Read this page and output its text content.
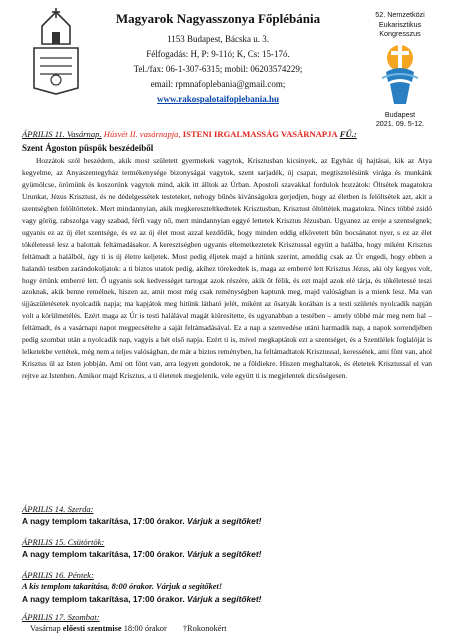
Magyarok Nagyasszonya Főplébánia
1153 Budapest, Bácska u. 3.
Félfogadás: H, P: 9-11ó; K, Cs: 15-17ó.
Tel./fax: 06-1-307-6315; mobil: 06203574229;
email: rpmnafoplebania@gmail.com;
www.rakospalotaifoplebania.hu
52. Nemzetközi
Eukarisztikus
Kongresszus
Budapest
2021. 09. 5-12.
ÁPRILIS 11. Vasárnap. Húsvét II. vasárnapja, ISTENI IRGALMASSÁG VASÁRNAPJA FŰ.:
Szent Ágoston püspök beszédeiből
Hozzátok szól beszédem, akik most született gyermekek vagytok, Krisztusban kicsinyek, az Egyház új hajtásai, kik az Atya kegyelme, az Anyaszentegyház termékenysége bizonyságai vagytok, szent sarjadék, új csapat, megtisztelésünk virága és munkánk gyümölcse, örömünk és koszorúnk vagytok mind, akik itt álltok az Úrban. Apostoli szavakkal fordulok hozzátok: Öltsétek magatokra Urunkat, Jézus Krisztust, és ne dédelgessétek testeteket, nehogy bűnös kívánságokra gerjedjen, hogy az életben is felöltsétek azt, akit a szentségben felöltöttetek. Mert mindannyian, akik megkereszteltkedtetek Krisztusban, Krisztust öltöttétek magatokra. Nincs többé zsidó vagy görög, rabszolga vagy szabad, férfi vagy nő, mert mindannyian eggyé lettetek Krisztus Jézusban. Ugyanez az ereje a szentségnek; ugyanis ez az új élet szentsége, és ez az új élet most azzal kezdődik, hogy minden eddig elkövetett bűn bocsánatot nyer, s ez az élet tökéletessé lesz a halottak feltámadásakor. A keresztségben ugyanis eltemetkeztetek Krisztussal együtt a halálba, hogy miként Krisztus feltámadt a halálból, úgy ti is új életre keljetek. Most pedig éljetek majd a hitünk szerint, ameddig csak az Úr engedi, hogy ebben a halandó testben zarándokoljatok: a ti biztos utatok pedig, akihez törekedtek is, maga az emberré lett Krisztus Jézus, aki oly kegyes volt, hogy értünk emberré lett. Ő ugyanis sok kedvességet tartogat azok részére, akik őt félik, és ezt majd azok elé tárja, és tökéletessé teszi azoknak, akik benne remélnek, hiszen az, amit most még csak reménységben kaptunk meg, majd valóságban is a mienk lesz. Ma van újjászületésetek nyolcadik napja; ma kapjátok meg hitünk látható jelét, miként az ősatyák korában is a testi születés nyolcadik napján volt a körülmetélés. Ezért maga az Úr is testi halálával magát kiüresítette, és ugyanabban a testében – amely többé már meg nem hal – feltámadt, és a vasárnapi napot megpecsételte a saját feltámadásával. Ez a nap a szenvedése utáni harmadik nap, a napok sorrendjében pedig szombat után a nyolcadik nap, vagyis a hét első napja. Ezért ti is, mivel megkaptátok ezt a szentséget, és a Szentlélek foglalóját is lelketekbe vettétek, még nem a teljes valóságban, de már a biztos reményben, ha feltámadtatok Krisztussal, keressétek, ami fönt van, ahol Krisztus ül az Isten jobbján. Ami ott fönt van, arra legyen gondotok, ne a földiekre. Hiszen meghaltatok, és életetek Krisztussal el van rejtve az Istenben. Amikor majd Krisztus, a ti életetek megjelenik, vele együtt ti is megjelentek dicsőségesen.
ÁPRILIS 14. Szerda:
A nagy templom takarítása, 17:00 órakor. Várjuk a segítőket!
ÁPRILIS 15. Csütörtök:
A nagy templom takarítása, 17:00 órakor. Várjuk a segítőket!
ÁPRILIS 16. Péntek:
A kis templom takarítása, 8:00 órakor. Várjuk a segítőket!
A nagy templom takarítása, 17:00 órakor. Várjuk a segítőket!
ÁPRILIS 17. Szombat:
Vasárnap előesti szentmise 18:00 órakor †Rokonokért
